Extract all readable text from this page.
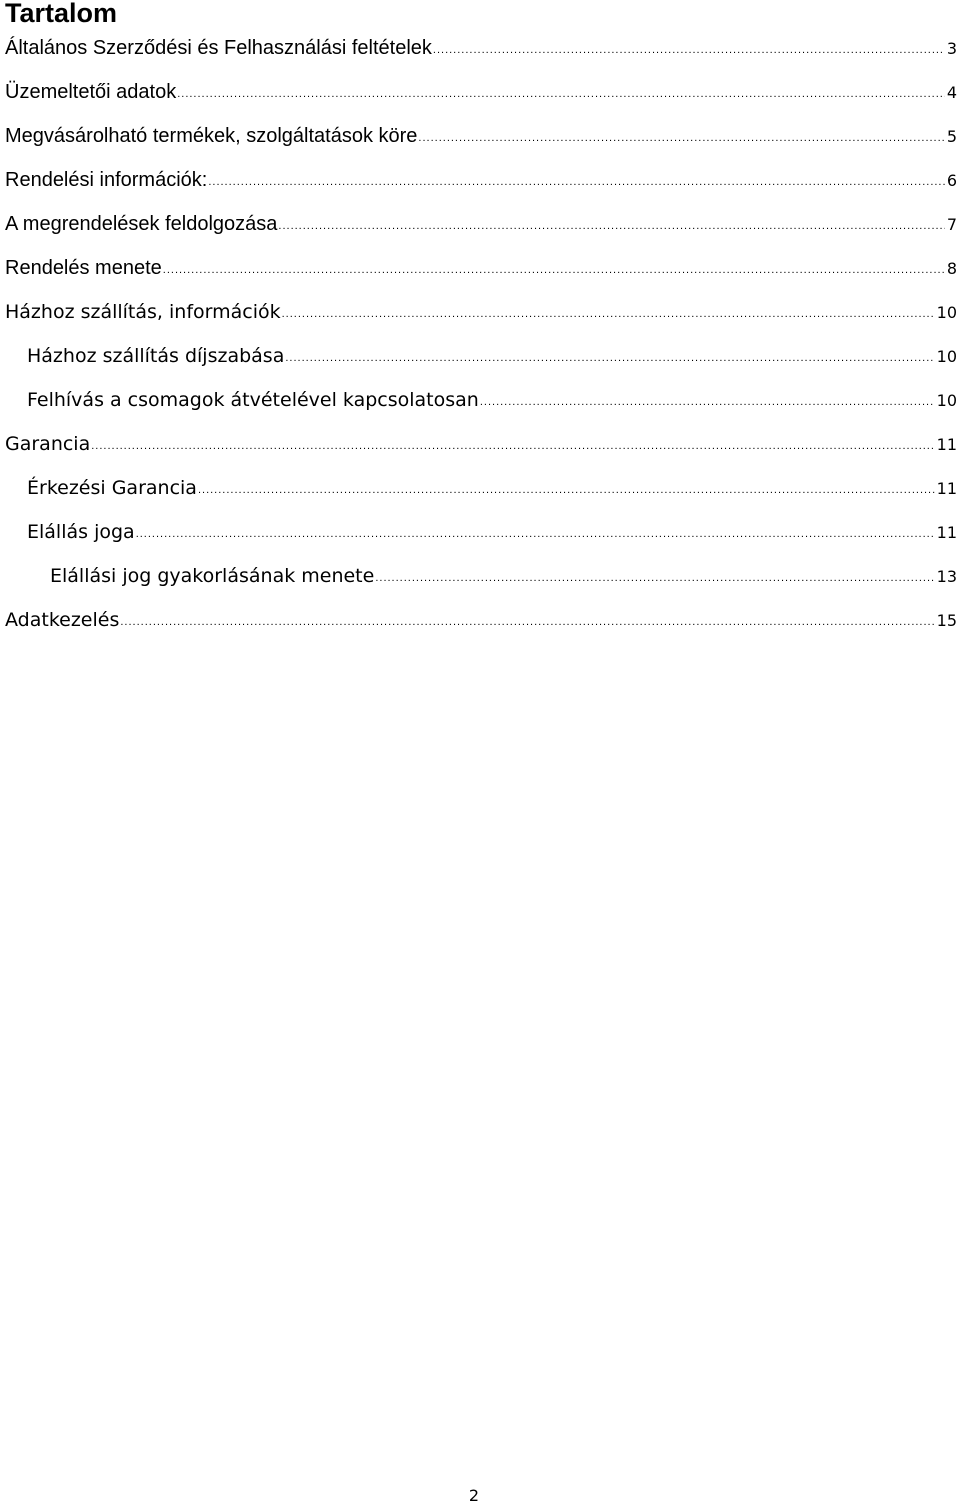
Tartalom
Általános Szerződési és Felhasználási feltételek .....	3
Üzemeltetői adatok .....	4
Megvásárolható termékek, szolgáltatások köre .....	5
Rendelési információk: .....	6
A megrendelések feldolgozása .....	7
Rendelés menete .....	8
Házhoz szállítás, információk .....	10
Házhoz szállítás díjszabása .....	10
Felhívás a csomagok átvételével kapcsolatosan .....	10
Garancia .....	11
Érkezési Garancia .....	11
Elállás joga .....	11
Elállási jog gyakorlásának menete .....	13
Adatkezelés .....	15
2
